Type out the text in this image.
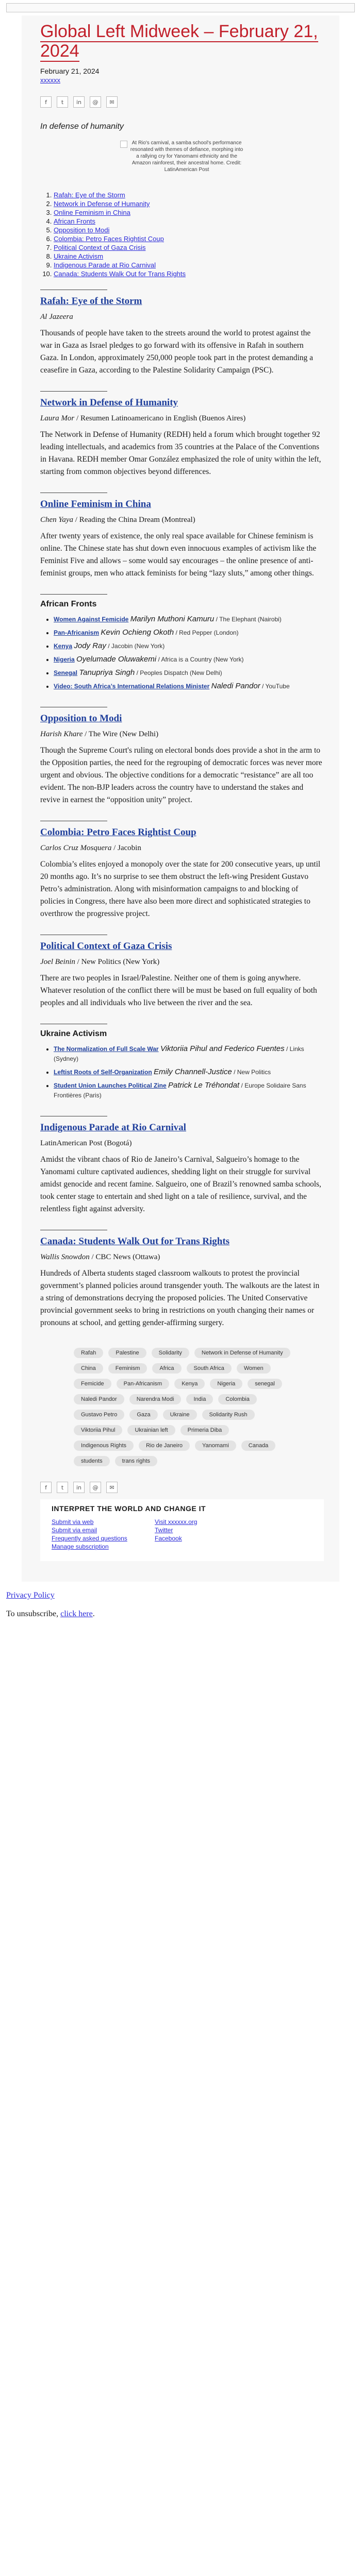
Global Left Midweek – February 21, 2024
February 21, 2024
xxxxxx
f	t	in	@	✉

In defense of humanity

At Rio's carnival, a samba school's performance resonated with themes of defiance, morphing into a rallying cry for Yanomami ethnicity and the Amazon rainforest, their ancestral home. Credit: LatinAmerican Post
1. Rafah: Eye of the Storm
2. Network in Defense of Humanity
3. Online Feminism in China
4. African Fronts
5. Opposition to Modi
6. Colombia: Petro Faces Rightist Coup
7. Political Context of Gaza Crisis
8. Ukraine Activism
9. Indigenous Parade at Rio Carnival
10. Canada: Students Walk Out for Trans Rights
Rafah: Eye of the Storm

Al Jazeera

Thousands of people have taken to the streets around the world to protest against the war in Gaza as Israel pledges to go forward with its offensive in Rafah in southern Gaza. In London, approximately 250,000 people took part in the protest demanding a ceasefire in Gaza, according to the Palestine Solidarity Campaign (PSC).

Network in Defense of Humanity

Laura Mor / Resumen Latinoamericano in English (Buenos Aires)

The Network in Defense of Humanity (REDH) held a forum which brought together 92 leading intellectuals, and academics from 35 countries at the Palace of the Conventions in Havana. REDH member Omar González emphasized the role of unity within the left, starting from common objectives beyond differences.

Online Feminism in China

Chen Yaya / Reading the China Dream (Montreal)

After twenty years of existence, the only real space available for Chinese feminism is online. The Chinese state has shut down even innocuous examples of activism like the Feminist Five and allows – some would say encourages – the online presence of anti-feminist groups, men who attack feminists for being “lazy sluts,” among other things.

African Fronts
• Women Against Femicide Marilyn Muthoni Kamuru / The Elephant (Nairobi)
• Pan-Africanism Kevin Ochieng Okoth / Red Pepper (London)
• Kenya Jody Ray / Jacobin (New York)
• Nigeria Oyelumade Oluwakemi / Africa is a Country (New York)
• Senegal Tanupriya Singh / Peoples Dispatch (New Delhi)
• Video: South Africa’s International Relations Minister Naledi Pandor / YouTube
Opposition to Modi

Harish Khare / The Wire (New Delhi)

Though the Supreme Court's ruling on electoral bonds does provide a shot in the arm to the Opposition parties, the need for the regrouping of democratic forces was never more urgent and obvious. The objective conditions for a democratic “resistance” are all too evident. The non-BJP leaders across the country have to understand the stakes and revive in earnest the “opposition unity” project.

Colombia: Petro Faces Rightist Coup

Carlos Cruz Mosquera / Jacobin

Colombia’s elites enjoyed a monopoly over the state for 200 consecutive years, up until 20 months ago. It’s no surprise to see them obstruct the left-wing President Gustavo Petro’s administration. Along with misinformation campaigns to and blocking of policies in Congress, there have also been more direct and sophisticated strategies to overthrow the progressive project.

Political Context of Gaza Crisis

Joel Beinin / New Politics (New York)

There are two peoples in Israel/Palestine. Neither one of them is going anywhere. Whatever resolution of the conflict there will be must be based on full equality of both peoples and all individuals who live between the river and the sea.

Ukraine Activism
• The Normalization of Full Scale War Viktoriia Pihul and Federico Fuentes / Links (Sydney)
• Leftist Roots of Self-Organization Emily Channell-Justice / New Politics
• Student Union Launches Political Zine Patrick Le Tréhondat / Europe Solidaire Sans Frontières (Paris)
Indigenous Parade at Rio Carnival

LatinAmerican Post (Bogotá)

Amidst the vibrant chaos of Rio de Janeiro’s Carnival, Salgueiro’s homage to the Yanomami culture captivated audiences, shedding light on their struggle for survival amidst genocide and recent famine. Salgueiro, one of Brazil’s renowned samba schools, took center stage to entertain and shed light on a tale of resilience, survival, and the relentless fight against adversity.

Canada: Students Walk Out for Trans Rights

Wallis Snowdon / CBC News (Ottawa)

Hundreds of Alberta students staged classroom walkouts to protest the provincial government’s planned policies around transgender youth. The walkouts are the latest in a string of demonstrations decrying the proposed policies. The United Conservative provincial government seeks to bring in restrictions on youth changing their names or pronouns at school, and getting gender-affirming surgery.

Rafah	Palestine	Solidarity	Network in Defense of Humanity
China	Feminism	Africa	South Africa	Women
Femicide	Pan-Africanism	Kenya	Nigeria	senegal
Naledi Pandor	Narendra Modi	India	Colombia
Gustavo Petro	Gaza	Ukraine	Solidarity Rush
Viktoriia Pihul	Ukrainian left	Primeria Diba
Indigenous Rights	Rio de Janeiro	Yanomami	Canada
students	trans rights
f	t	in	@	✉
INTERPRET THE WORLD AND CHANGE IT
Submit via web
Submit via email
Frequently asked questions
Manage subscription
Visit xxxxxx.org
Twitter
Facebook

Privacy Policy

To unsubscribe, click here.
